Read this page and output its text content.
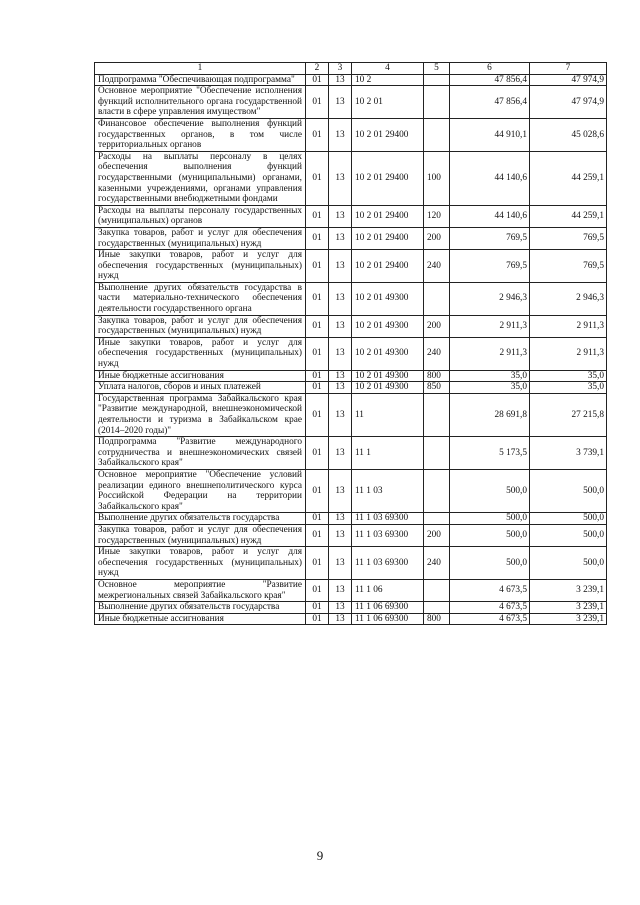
1	2	3	4	5	6	7
Подпрограмма "Обеспечивающая подпрограмма"	01	13	10 2		47 856,4	47 974,9
Основное мероприятие "Обеспечение исполнения функций исполнительного органа государственной власти в сфере управления имуществом"	01	13	10 2 01		47 856,4	47 974,9
Финансовое обеспечение выполнения функций государственных органов, в том числе территориальных органов	01	13	10 2 01 29400		44 910,1	45 028,6
Расходы на выплаты персоналу в целях обеспечения выполнения функций государственными (муниципальными) органами, казенными учреждениями, органами управления государственными внебюджетными фондами	01	13	10 2 01 29400	100	44 140,6	44 259,1
Расходы на выплаты персоналу государственных (муниципальных) органов	01	13	10 2 01 29400	120	44 140,6	44 259,1
Закупка товаров, работ и услуг для обеспечения государственных (муниципальных) нужд	01	13	10 2 01 29400	200	769,5	769,5
Иные закупки товаров, работ и услуг для обеспечения государственных (муниципальных) нужд	01	13	10 2 01 29400	240	769,5	769,5
Выполнение других обязательств государства в части материально-технического обеспечения деятельности государственного органа	01	13	10 2 01 49300		2 946,3	2 946,3
Закупка товаров, работ и услуг для обеспечения государственных (муниципальных) нужд	01	13	10 2 01 49300	200	2 911,3	2 911,3
Иные закупки товаров, работ и услуг для обеспечения государственных (муниципальных) нужд	01	13	10 2 01 49300	240	2 911,3	2 911,3
Иные бюджетные ассигнования	01	13	10 2 01 49300	800	35,0	35,0
Уплата налогов, сборов и иных платежей	01	13	10 2 01 49300	850	35,0	35,0
Государственная программа Забайкальского края "Развитие международной, внешнеэкономической деятельности и туризма в Забайкальском крае (2014–2020 годы)"	01	13	11		28 691,8	27 215,8
Подпрограмма "Развитие международного сотрудничества и внешнеэкономических связей Забайкальского края"	01	13	11 1		5 173,5	3 739,1
Основное мероприятие "Обеспечение условий реализации единого внешнеполитического курса Российской Федерации на территории Забайкальского края"	01	13	11 1 03		500,0	500,0
Выполнение других обязательств государства	01	13	11 1 03 69300		500,0	500,0
Закупка товаров, работ и услуг для обеспечения государственных (муниципальных) нужд	01	13	11 1 03 69300	200	500,0	500,0
Иные закупки товаров, работ и услуг для обеспечения государственных (муниципальных) нужд	01	13	11 1 03 69300	240	500,0	500,0
Основное мероприятие "Развитие межрегиональных связей Забайкальского края"	01	13	11 1 06		4 673,5	3 239,1
Выполнение других обязательств государства	01	13	11 1 06 69300		4 673,5	3 239,1
Иные бюджетные ассигнования	01	13	11 1 06 69300	800	4 673,5	3 239,1
9
